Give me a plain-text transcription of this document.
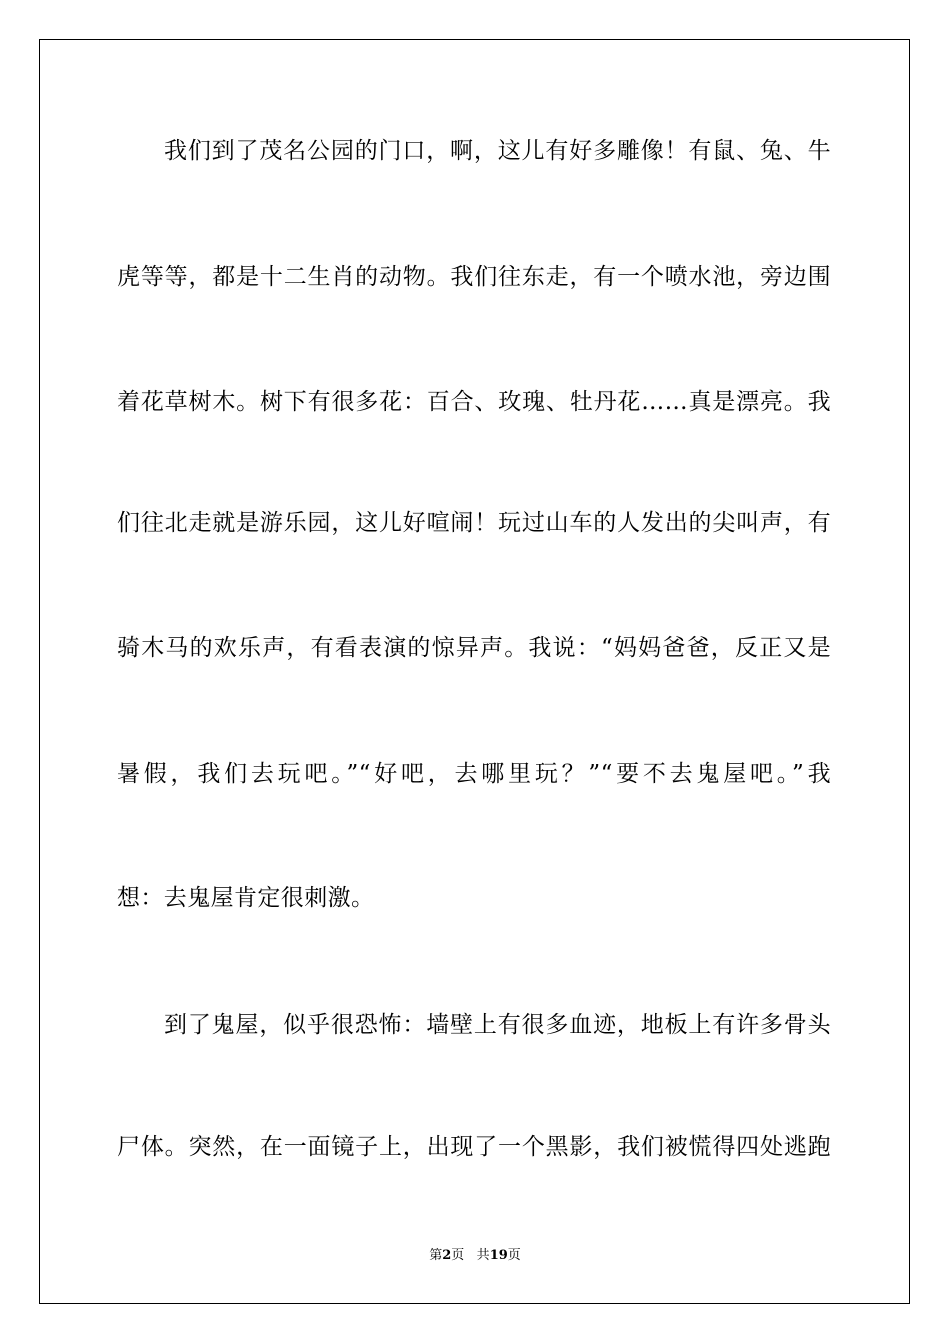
我们到了茂名公园的门口，啊，这儿有好多雕像！有鼠、兔、牛
虎等等，都是十二生肖的动物。我们往东走，有一个喷水池，旁边围
着花草树木。树下有很多花：百合、玫瑰、牡丹花……真是漂亮。我
们往北走就是游乐园，这儿好喧闹！玩过山车的人发出的尖叫声，有
骑木马的欢乐声，有看表演的惊异声。我说：“妈妈爸爸，反正又是
暑假，我们去玩吧。”“好吧，去哪里玩？”“要不去鬼屋吧。”我
想：去鬼屋肯定很刺激。
到了鬼屋，似乎很恐怖：墙壁上有很多血迹，地板上有许多骨头
尸体。突然，在一面镜子上，出现了一个黑影，我们被慌得四处逃跑
第2页 共19页
